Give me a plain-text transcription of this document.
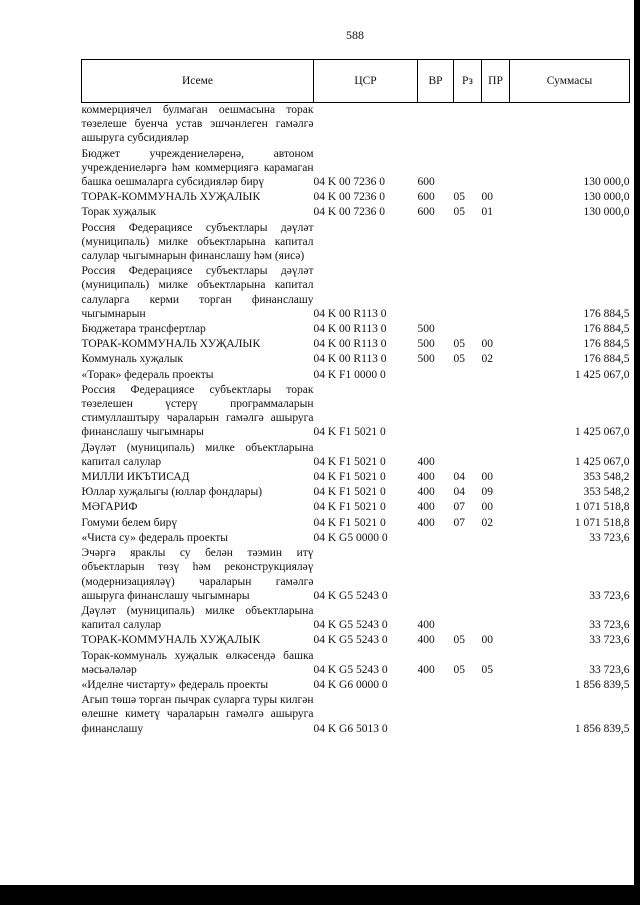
588
Исеме	ЦСР	ВР	Рз	ПР	Суммасы
коммерциячел булмаган оешмасына торак төзелеше буенча устав эшчәнлеген гамәлгә ашыруга субсидияләр					
Бюджет учреждениеләренә, автоном учреждениеләргә һәм коммерциягә карамаган башка оешмаларга субсидияләр бирү	04 K 00 7236 0	600			130 000,0
ТОРАК-КОММУНАЛЬ ХУҖАЛЫК	04 K 00 7236 0	600	05	00	130 000,0
Торак хуҗалык	04 K 00 7236 0	600	05	01	130 000,0
Россия Федерациясе субъектлары дәүләт (муниципаль) милке объектларына капитал салулар чыгымнарын финанслашу һәм (яисә)					
Россия Федерациясе субъектлары дәүләт (муниципаль) милке объектларына капитал салуларга керми торган финанслашу чыгымнарын	04 K 00 R113 0				176 884,5
Бюджетара трансфертлар	04 K 00 R113 0	500			176 884,5
ТОРАК-КОММУНАЛЬ ХУҖАЛЫК	04 K 00 R113 0	500	05	00	176 884,5
Коммуналь хуҗалык	04 K 00 R113 0	500	05	02	176 884,5
«Торак» федераль проекты	04 K F1 0000 0				1 425 067,0
Россия Федерациясе субъектлары торак төзелешен үстерү программаларын стимуллаштыру чараларын гамәлгә ашыруга финанслашу чыгымнары	04 K F1 5021 0				1 425 067,0
Дәүләт (муниципаль) милке объектларына капитал салулар	04 K F1 5021 0	400			1 425 067,0
МИЛЛИ ИКЪТИСАД	04 K F1 5021 0	400	04	00	353 548,2
Юллар хуҗалыгы (юллар фондлары)	04 K F1 5021 0	400	04	09	353 548,2
МӘГАРИФ	04 K F1 5021 0	400	07	00	1 071 518,8
Гомуми белем бирү	04 K F1 5021 0	400	07	02	1 071 518,8
«Чиста су» федераль проекты	04 K G5 0000 0				33 723,6
Эчәргә яраклы су белән тәэмин итү объектларын төзү һәм реконструкцияләү (модернизацияләү) чараларын гамәлгә ашыруга финанслашу чыгымнары	04 K G5 5243 0				33 723,6
Дәүләт (муниципаль) милке объектларына капитал салулар	04 K G5 5243 0	400			33 723,6
ТОРАК-КОММУНАЛЬ ХУҖАЛЫК	04 K G5 5243 0	400	05	00	33 723,6
Торак-коммуналь хуҗалык өлкәсендә башка мәсьәләләр	04 K G5 5243 0	400	05	05	33 723,6
«Иделне чистарту» федераль проекты	04 K G6 0000 0				1 856 839,5
Агып төшә торган пычрак суларга туры килгән өлешне киметү чараларын гамәлгә ашыруга финанслашу	04 K G6 5013 0				1 856 839,5
